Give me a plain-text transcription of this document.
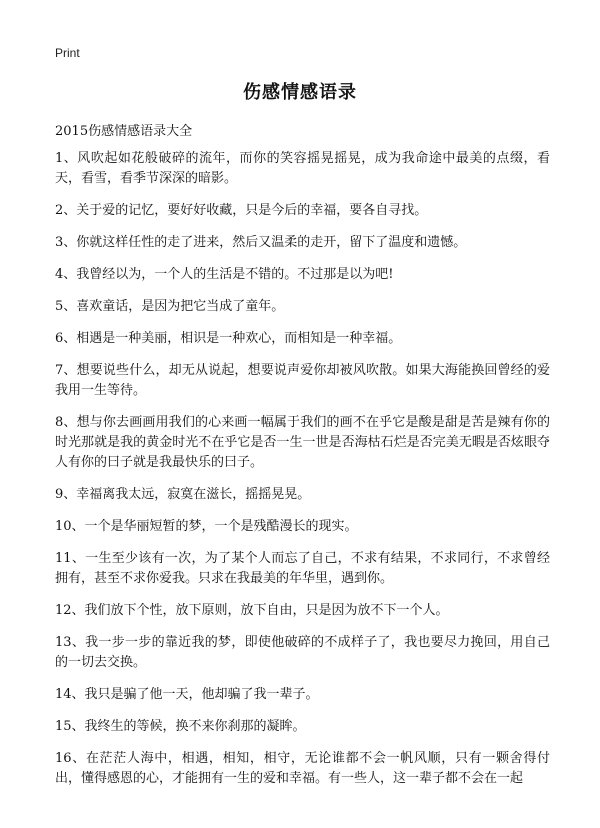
Print
伤感情感语录

2015伤感情感语录大全

1、风吹起如花般破碎的流年，而你的笑容摇晃摇晃，成为我命途中最美的点缀，看天，看雪，看季节深深的暗影。
2、关于爱的记忆，要好好收藏，只是今后的幸福，要各自寻找。
3、你就这样任性的走了进来，然后又温柔的走开，留下了温度和遗憾。
4、我曾经以为，一个人的生活是不错的。不过那是以为吧!
5、喜欢童话，是因为把它当成了童年。
6、相遇是一种美丽，相识是一种欢心，而相知是一种幸福。
7、想要说些什么，却无从说起，想要说声爱你却被风吹散。如果大海能换回曾经的爱我用一生等待。
8、想与你去画画用我们的心来画一幅属于我们的画不在乎它是酸是甜是苦是辣有你的时光那就是我的黄金时光不在乎它是否一生一世是否海枯石烂是否完美无暇是否炫眼夺人有你的曰子就是我最快乐的曰子。
9、幸福离我太远，寂寞在滋长，摇摇晃晃。
10、一个是华丽短暂的梦，一个是残酷漫长的现实。
11、一生至少该有一次，为了某个人而忘了自己，不求有结果，不求同行，不求曾经拥有，甚至不求你爱我。只求在我最美的年华里，遇到你。
12、我们放下个性，放下原则，放下自由，只是因为放不下一个人。
13、我一步一步的靠近我的梦，即使他破碎的不成样子了，我也要尽力挽回，用自己的一切去交换。
14、我只是骗了他一天，他却骗了我一辈子。
15、我终生的等候，换不来你刹那的凝眸。
16、在茫茫人海中，相遇，相知，相守，无论谁都不会一帆风顺，只有一颗舍得付出，懂得感恩的心，才能拥有一生的爱和幸福。有一些人，这一辈子都不会在一起
